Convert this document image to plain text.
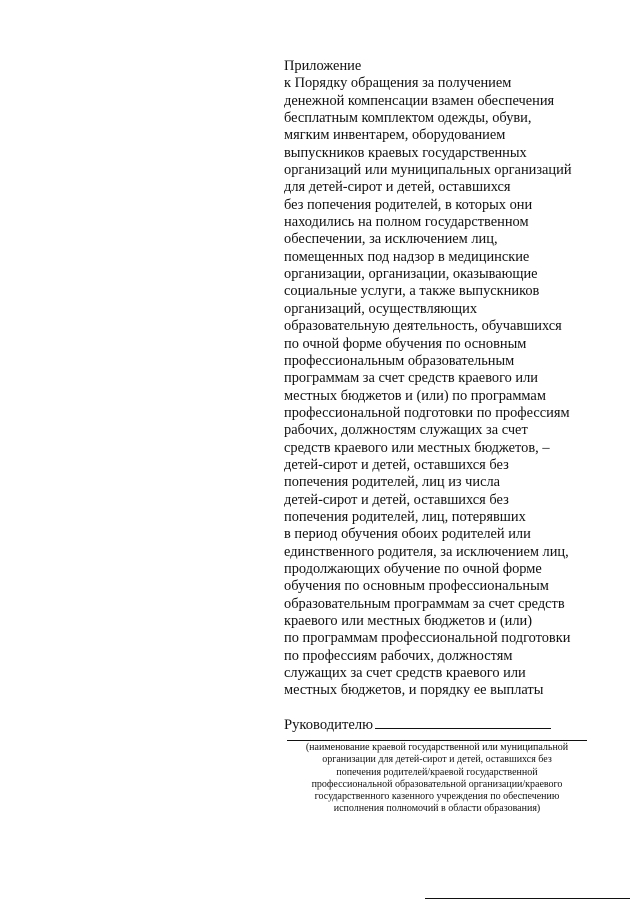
Приложение
к Порядку обращения за получением
денежной компенсации взамен обеспечения
бесплатным комплектом одежды, обуви,
мягким инвентарем, оборудованием
выпускников краевых государственных
организаций или муниципальных организаций
для детей-сирот и детей, оставшихся
без попечения родителей, в которых они
находились на полном государственном
обеспечении, за исключением лиц,
помещенных под надзор в медицинские
организации, организации, оказывающие
социальные услуги, а также выпускников
организаций, осуществляющих
образовательную деятельность, обучавшихся
по очной форме обучения по основным
профессиональным образовательным
программам за счет средств краевого или
местных бюджетов и (или) по программам
профессиональной подготовки по профессиям
рабочих, должностям служащих за счет
средств краевого или местных бюджетов, –
детей-сирот и детей, оставшихся без
попечения родителей, лиц из числа
детей-сирот и детей, оставшихся без
попечения родителей, лиц, потерявших
в период обучения обоих родителей или
единственного родителя, за исключением лиц,
продолжающих обучение по очной форме
обучения по основным профессиональным
образовательным программам за счет средств
краевого или местных бюджетов и (или)
по программам профессиональной подготовки
по профессиям рабочих, должностям
служащих за счет средств краевого или
местных бюджетов, и порядку ее выплаты
Руководителю
(наименование краевой государственной или муниципальной
организации для детей-сирот и детей, оставшихся без
попечения родителей/краевой государственной
профессиональной образовательной организации/краевого
государственного казенного учреждения по обеспечению
исполнения полномочий в области образования)
